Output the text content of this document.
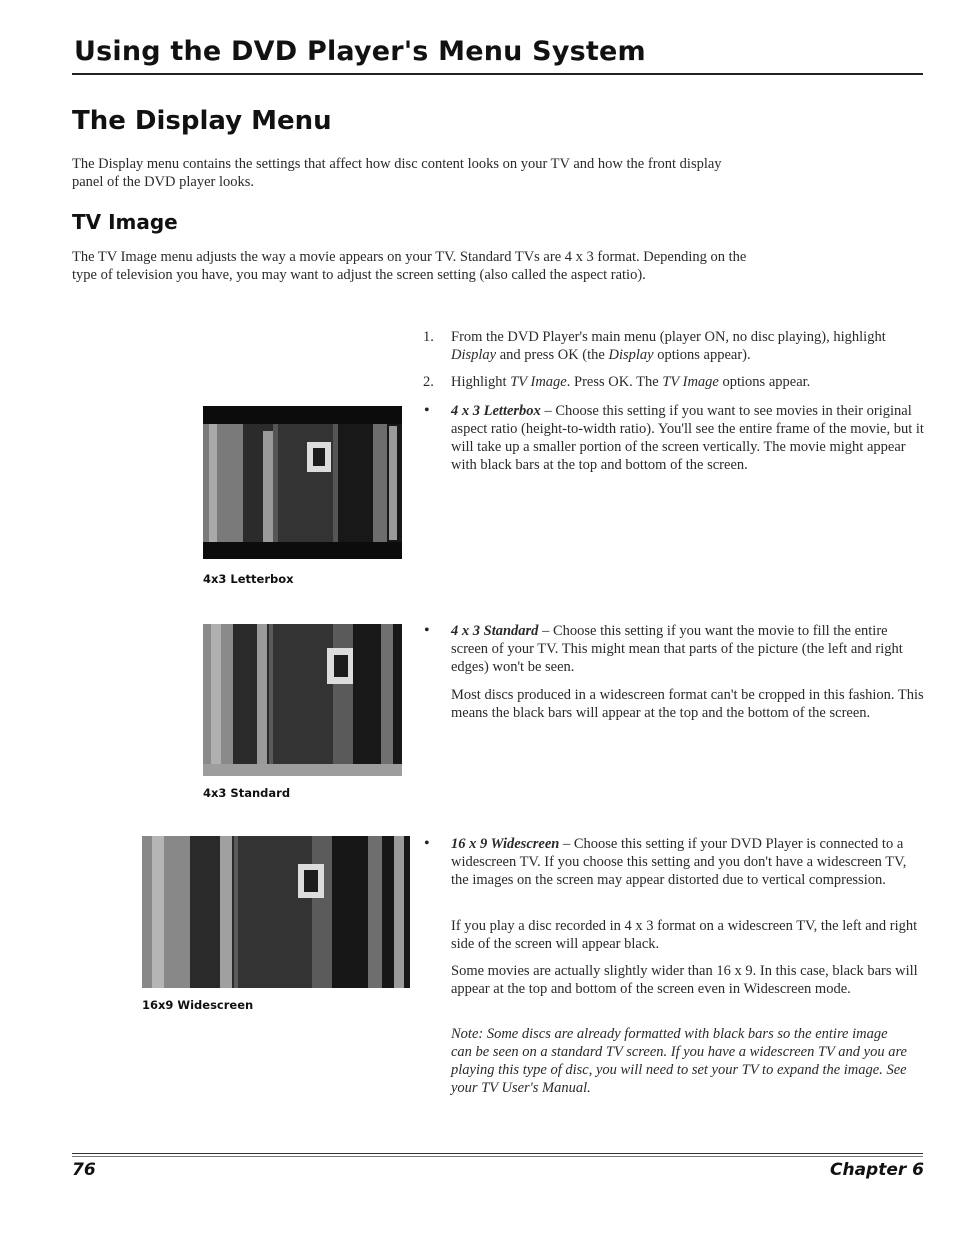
Using the DVD Player's Menu System
The Display Menu
The Display menu contains the settings that affect how disc content looks on your TV and how the front display panel of the DVD player looks.
TV Image
The TV Image menu adjusts the way a movie appears on your TV. Standard TVs are 4 x 3 format. Depending on the type of television you have, you may want to adjust the screen setting (also called the aspect ratio).
1. From the DVD Player's main menu (player ON, no disc playing), highlight Display and press OK (the Display options appear).
2. Highlight TV Image. Press OK. The TV Image options appear.
4x3 Letterbox
• 4 x 3 Letterbox – Choose this setting if you want to see movies in their original aspect ratio (height-to-width ratio). You'll see the entire frame of the movie, but it will take up a smaller portion of the screen vertically. The movie might appear with black bars at the top and bottom of the screen.
4x3 Standard
• 4 x 3 Standard – Choose this setting if you want the movie to fill the entire screen of your TV. This might mean that parts of the picture (the left and right edges) won't be seen.
Most discs produced in a widescreen format can't be cropped in this fashion. This means the black bars will appear at the top and the bottom of the screen.
16x9 Widescreen
• 16 x 9 Widescreen – Choose this setting if your DVD Player is connected to a widescreen TV. If you choose this setting and you don't have a widescreen TV, the images on the screen may appear distorted due to vertical compression.
If you play a disc recorded in 4 x 3 format on a widescreen TV, the left and right side of the screen will appear black.
Some movies are actually slightly wider than 16 x 9. In this case, black bars will appear at the top and bottom of the screen even in Widescreen mode.
Note: Some discs are already formatted with black bars so the entire image can be seen on a standard TV screen. If you have a widescreen TV and you are playing this type of disc, you will need to set your TV to expand the image. See your TV User's Manual.
76	Chapter 6
